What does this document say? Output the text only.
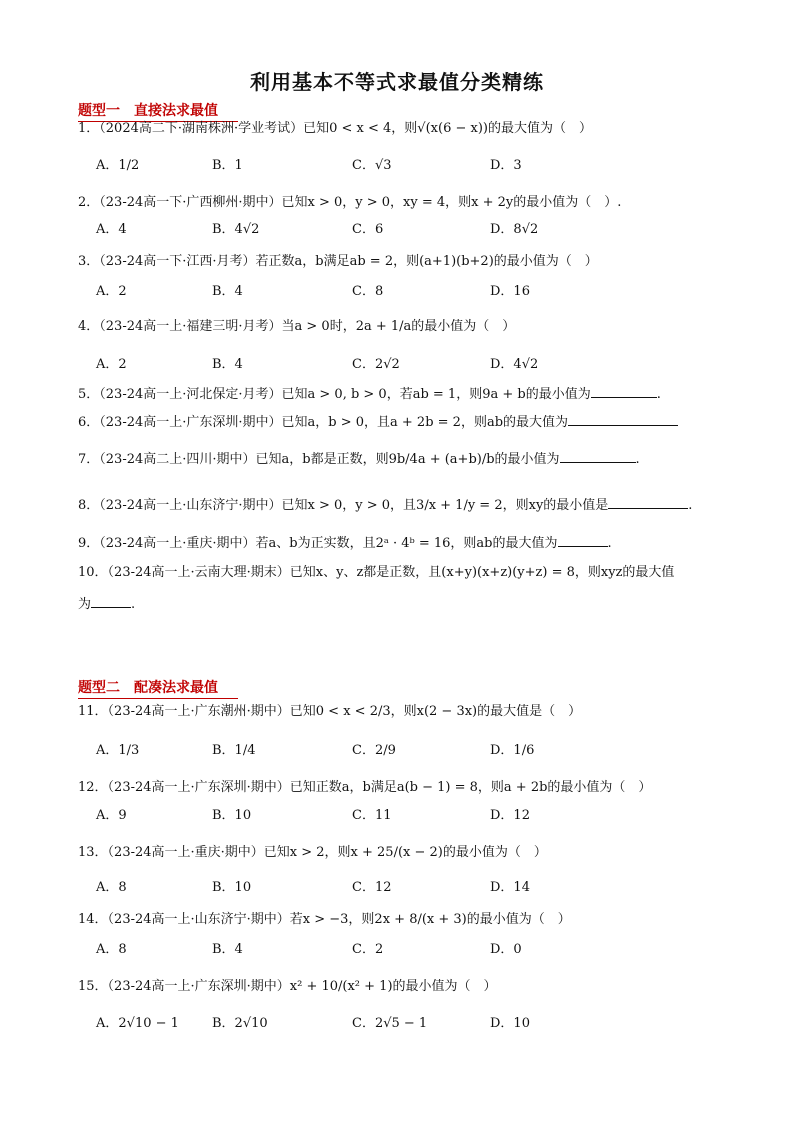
利用基本不等式求最值分类精练
题型一　直接法求最值
1．（2024高二下·湖南株洲·学业考试）已知0 < x < 4，则√(x(6 − x))的最大值为（　）
A．1/2	B．1	C．√3	D．3
2．（23-24高一下·广西柳州·期中）已知x > 0，y > 0，xy = 4，则x + 2y的最小值为（　）.
A．4	B．4√2	C．6	D．8√2
3．（23-24高一下·江西·月考）若正数a，b满足ab = 2，则(a+1)(b+2)的最小值为（　）
A．2	B．4	C．8	D．16
4．（23-24高一上·福建三明·月考）当a > 0时，2a + 1/a的最小值为（　）
A．2	B．4	C．2√2	D．4√2
5．（23-24高一上·河北保定·月考）已知a > 0, b > 0，若ab = 1，则9a + b的最小值为	.
6．（23-24高一上·广东深圳·期中）已知a，b > 0，且a + 2b = 2，则ab的最大值为
7．（23-24高二上·四川·期中）已知a，b都是正数，则9b/4a + (a+b)/b的最小值为	.
8．（23-24高一上·山东济宁·期中）已知x > 0，y > 0，且3/x + 1/y = 2，则xy的最小值是	.
9．（23-24高一上·重庆·期中）若a、b为正实数，且2ᵃ · 4ᵇ = 16，则ab的最大值为	.
10．（23-24高一上·云南大理·期末）已知x、y、z都是正数，且(x+y)(x+z)(y+z) = 8，则xyz的最大值
为	.
题型二　配凑法求最值
11．（23-24高一上·广东潮州·期中）已知0 < x < 2/3，则x(2 − 3x)的最大值是（　）
A．1/3	B．1/4	C．2/9	D．1/6
12．（23-24高一上·广东深圳·期中）已知正数a，b满足a(b − 1) = 8，则a + 2b的最小值为（　）
A．9	B．10	C．11	D．12
13．（23-24高一上·重庆·期中）已知x > 2，则x + 25/(x − 2)的最小值为（　）
A．8	B．10	C．12	D．14
14．（23-24高一上·山东济宁·期中）若x > −3，则2x + 8/(x + 3)的最小值为（　）
A．8	B．4	C．2	D．0
15．（23-24高一上·广东深圳·期中）x² + 10/(x² + 1)的最小值为（　）
A．2√10 − 1	B．2√10	C．2√5 − 1	D．10
